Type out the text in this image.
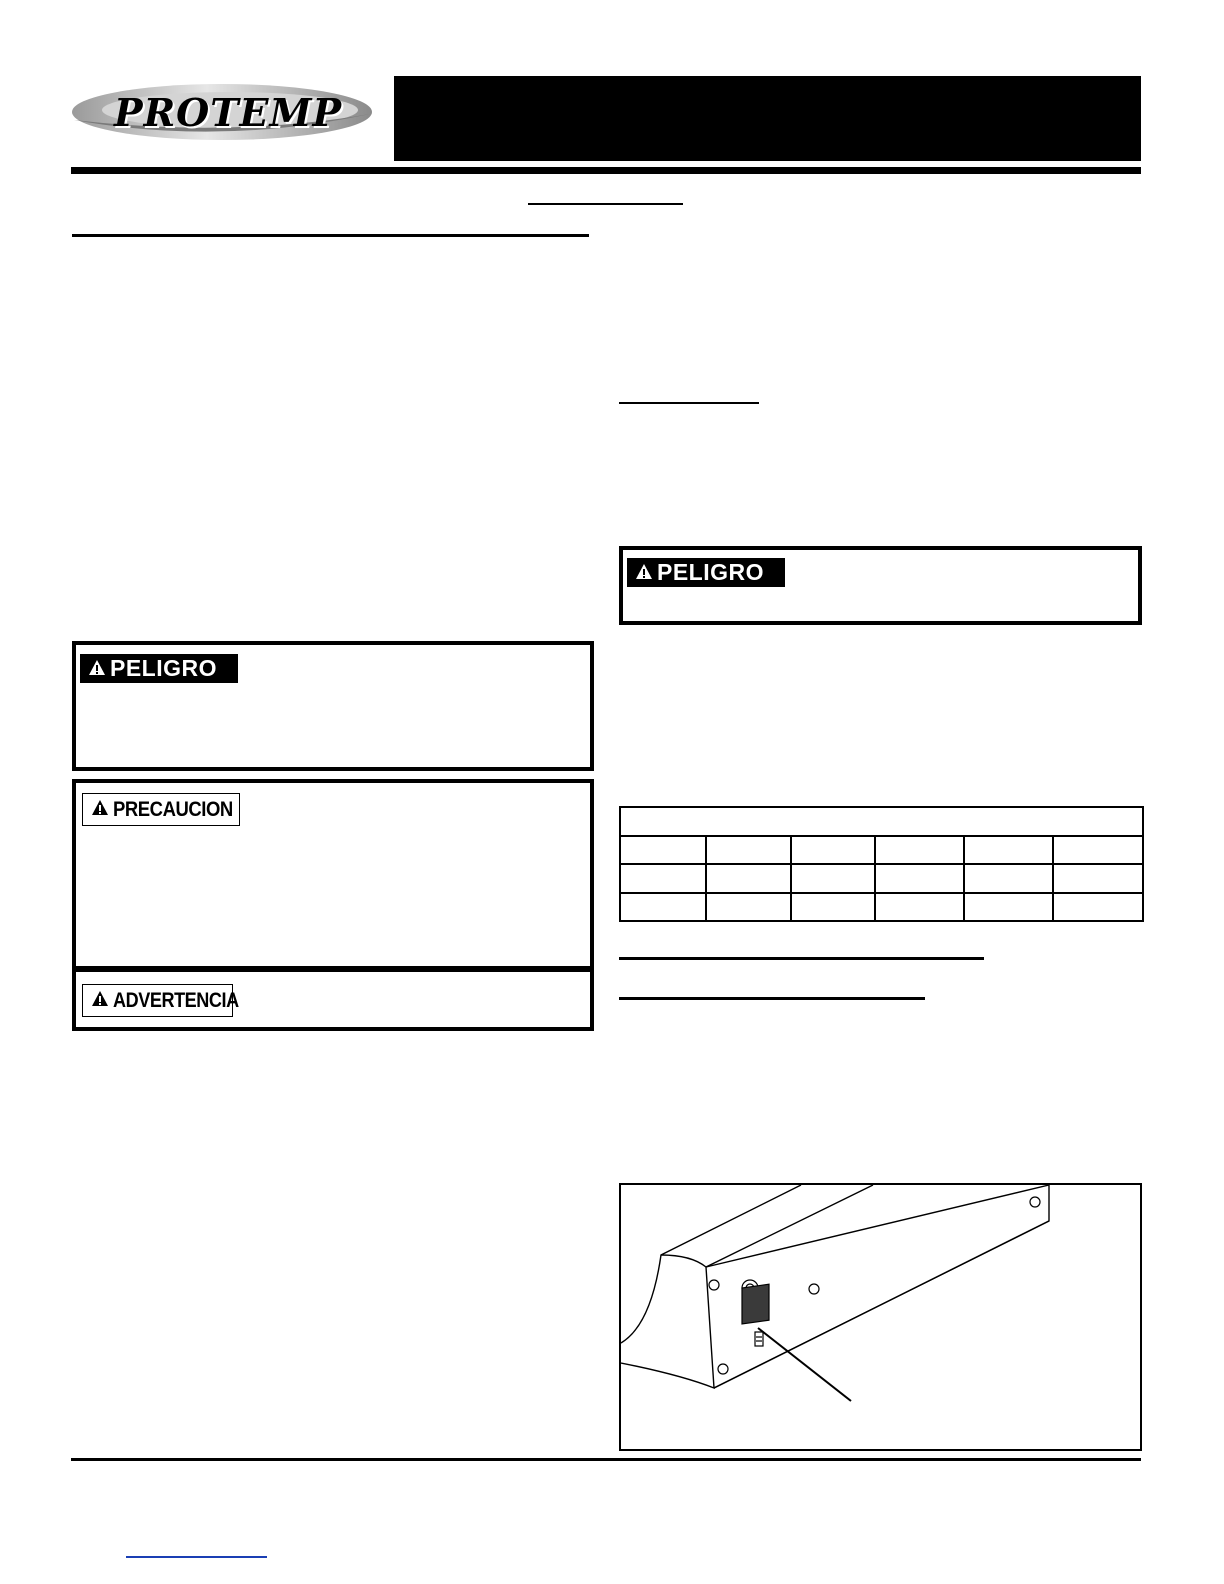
PROTEMP
PELIGRO
PRECAUCION
ADVERTENCIA
PELIGRO
